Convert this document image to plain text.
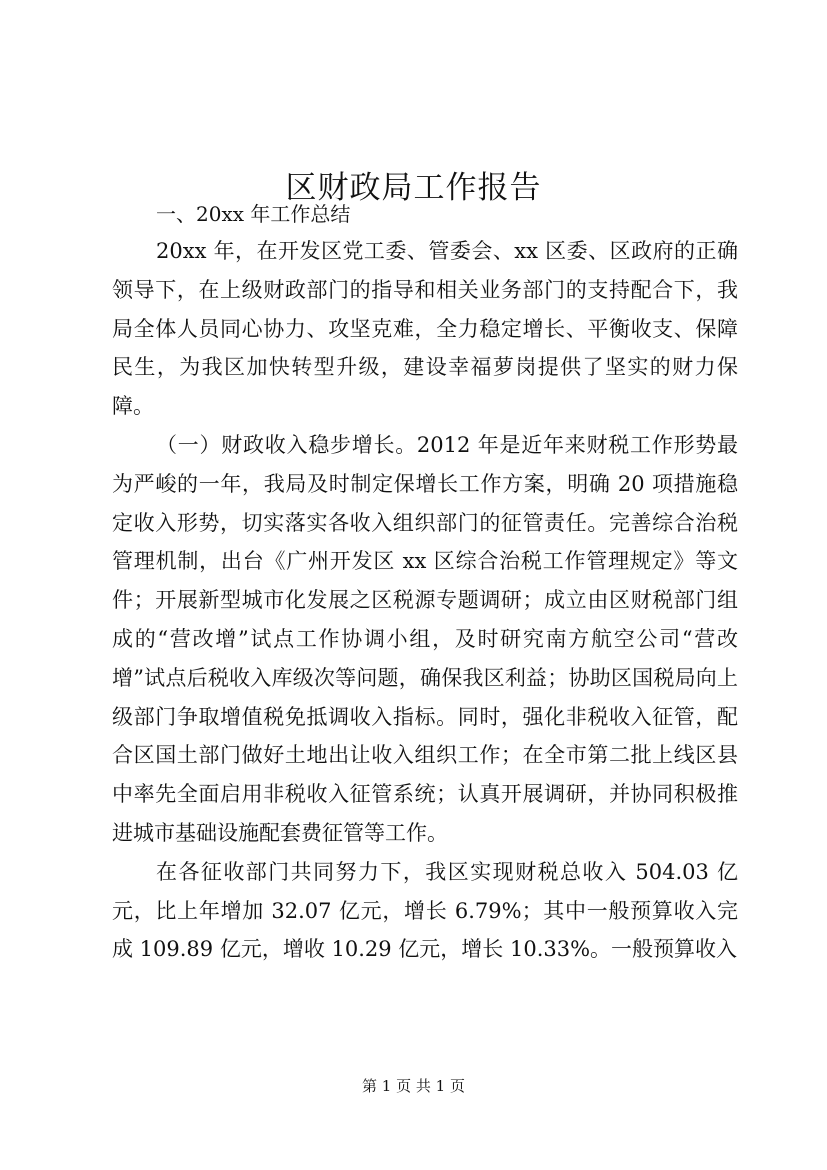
区财政局工作报告

一、20xx 年工作总结

20xx 年，在开发区党工委、管委会、xx 区委、区政府的正确领导下，在上级财政部门的指导和相关业务部门的支持配合下，我局全体人员同心协力、攻坚克难，全力稳定增长、平衡收支、保障民生，为我区加快转型升级，建设幸福萝岗提供了坚实的财力保障。

（一）财政收入稳步增长。2012 年是近年来财税工作形势最为严峻的一年，我局及时制定保增长工作方案，明确 20 项措施稳定收入形势，切实落实各收入组织部门的征管责任。完善综合治税管理机制，出台《广州开发区 xx 区综合治税工作管理规定》等文件；开展新型城市化发展之区税源专题调研；成立由区财税部门组成的“营改增”试点工作协调小组，及时研究南方航空公司“营改增”试点后税收入库级次等问题，确保我区利益；协助区国税局向上级部门争取增值税免抵调收入指标。同时，强化非税收入征管，配合区国土部门做好土地出让收入组织工作；在全市第二批上线区县中率先全面启用非税收入征管系统；认真开展调研，并协同积极推进城市基础设施配套费征管等工作。

在各征收部门共同努力下，我区实现财税总收入 504.03 亿元，比上年增加 32.07 亿元，增长 6.79%；其中一般预算收入完成 109.89 亿元，增收 10.29 亿元，增长 10.33%。一般预算收入

第 1 页 共 1 页
